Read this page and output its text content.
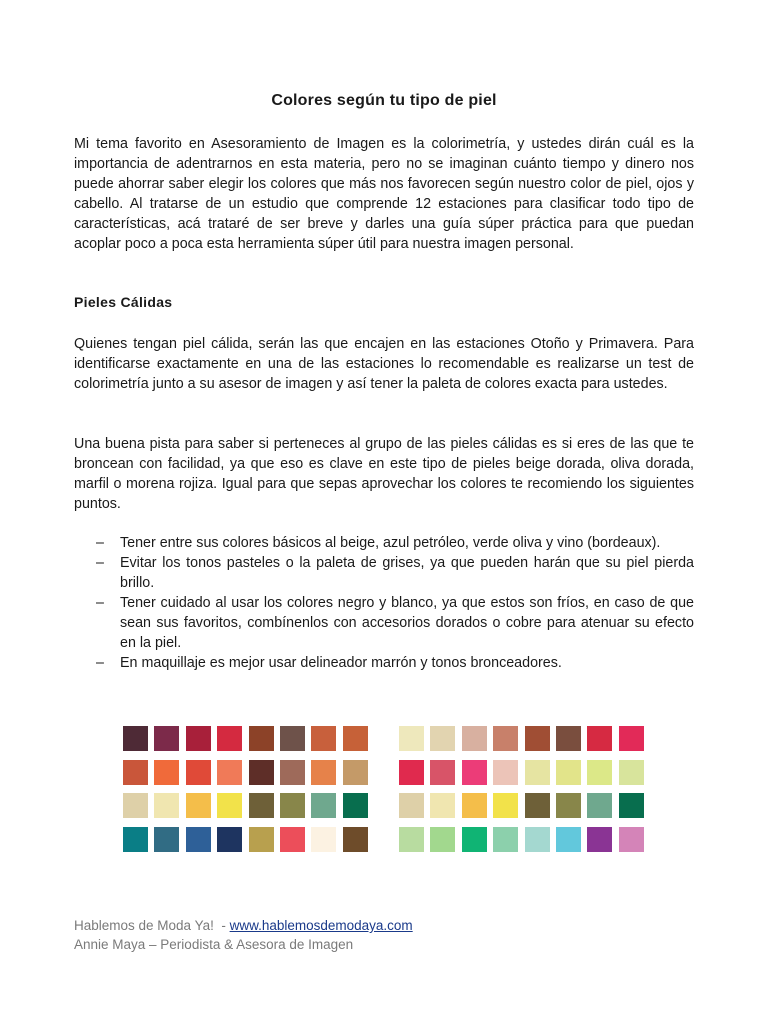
Colores según tu tipo de piel

Mi tema favorito en Asesoramiento de Imagen es la colorimetría, y ustedes dirán cuál es la importancia de adentrarnos en esta materia, pero no se imaginan cuánto tiempo y dinero nos puede ahorrar saber elegir los colores que más nos favorecen según nuestro color de piel, ojos y cabello. Al tratarse de un estudio que comprende 12 estaciones para clasificar todo tipo de características, acá trataré de ser breve y darles una guía súper práctica para que puedan acoplar poco a poca esta herramienta súper útil para nuestra imagen personal.

Pieles Cálidas

Quienes tengan piel cálida, serán las que encajen en las estaciones Otoño y Primavera. Para identificarse exactamente en una de las estaciones lo recomendable es realizarse un test de colorimetría junto a su asesor de imagen y así tener la paleta de colores exacta para ustedes.

Una buena pista para saber si perteneces al grupo de las pieles cálidas es si eres de las que te broncean con facilidad, ya que eso es clave en este tipo de pieles beige dorada, oliva dorada, marfil o morena rojiza. Igual para que sepas aprovechar los colores te recomiendo los siguientes puntos.

– Tener entre sus colores básicos al beige, azul petróleo, verde oliva y vino (bordeaux).
– Evitar los tonos pasteles o la paleta de grises, ya que pueden harán que su piel pierda brillo.
– Tener cuidado al usar los colores negro y blanco, ya que estos son fríos, en caso de que sean sus favoritos, combínenlos con accesorios dorados o cobre para atenuar su efecto en la piel.
– En maquillaje es mejor usar delineador marrón y tonos bronceadores.
Hablemos de Moda Ya!  - www.hablemosdemodaya.com
Annie Maya – Periodista & Asesora de Imagen
